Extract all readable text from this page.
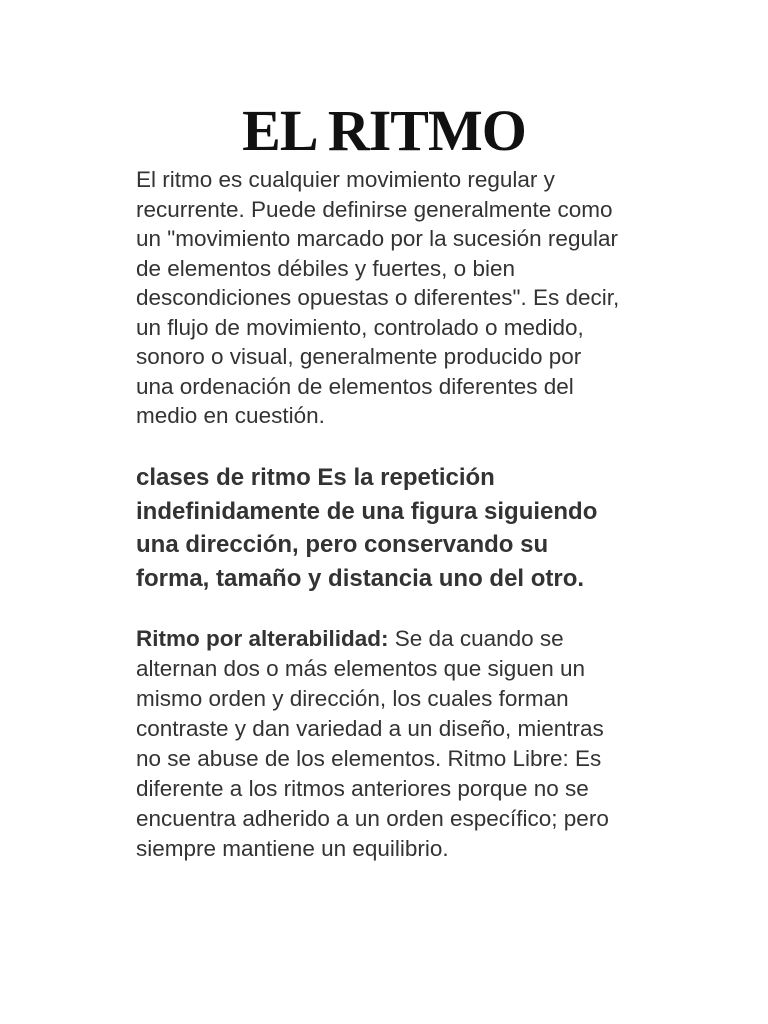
EL RITMO

El ritmo es cualquier movimiento regular y
recurrente. Puede definirse generalmente como
un "movimiento marcado por la sucesión regular
de elementos débiles y fuertes, o bien
descondiciones opuestas o diferentes". Es decir,
un flujo de movimiento, controlado o medido,
sonoro o visual, generalmente producido por
una ordenación de elementos diferentes del
medio en cuestión.

clases de ritmo Es la repetición
indefinidamente de una figura siguiendo
una dirección, pero conservando su
forma, tamaño y distancia uno del otro.

Ritmo por alterabilidad: Se da cuando se
alternan dos o más elementos que siguen un
mismo orden y dirección, los cuales forman
contraste y dan variedad a un diseño, mientras
no se abuse de los elementos. Ritmo Libre: Es
diferente a los ritmos anteriores porque no se
encuentra adherido a un orden específico; pero
siempre mantiene un equilibrio.
